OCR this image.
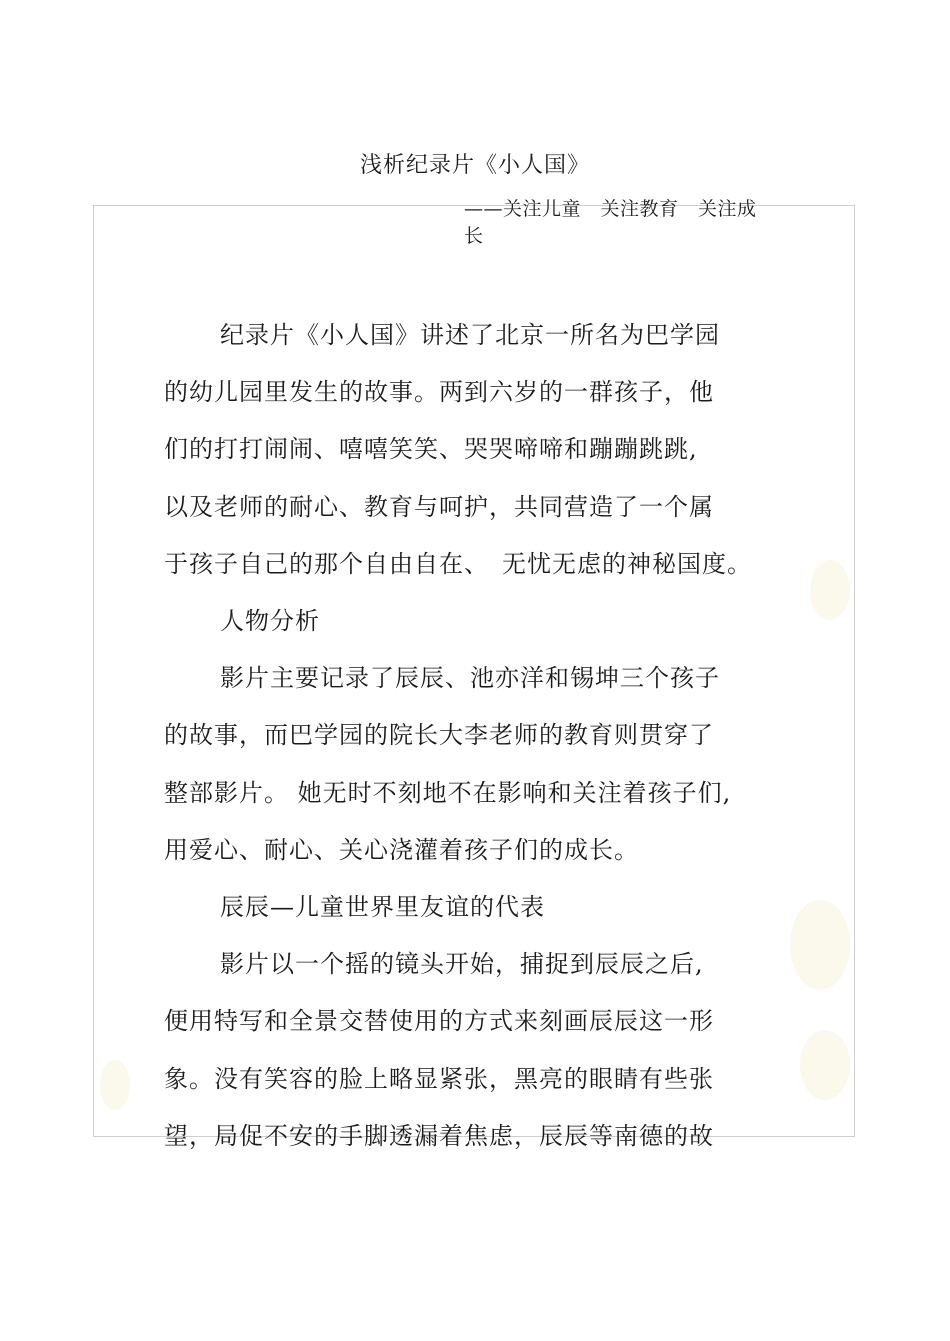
浅析纪录片《小人国》
——关注儿童　关注教育　关注成长
纪录片《小人国》讲述了北京一所名为巴学园
的幼儿园里发生的故事。两到六岁的一群孩子，他
们的打打闹闹、嘻嘻笑笑、哭哭啼啼和蹦蹦跳跳,
以及老师的耐心、教育与呵护，共同营造了一个属
于孩子自己的那个自由自在、　无忧无虑的神秘国度。
人物分析
影片主要记录了辰辰、池亦洋和锡坤三个孩子
的故事，而巴学园的院长大李老师的教育则贯穿了
整部影片。 她无时不刻地不在影响和关注着孩子们,
用爱心、耐心、关心浇灌着孩子们的成长。
辰辰—儿童世界里友谊的代表
影片以一个摇的镜头开始，捕捉到辰辰之后,
便用特写和全景交替使用的方式来刻画辰辰这一形
象。没有笑容的脸上略显紧张，黑亮的眼睛有些张
望，局促不安的手脚透漏着焦虑，辰辰等南德的故
